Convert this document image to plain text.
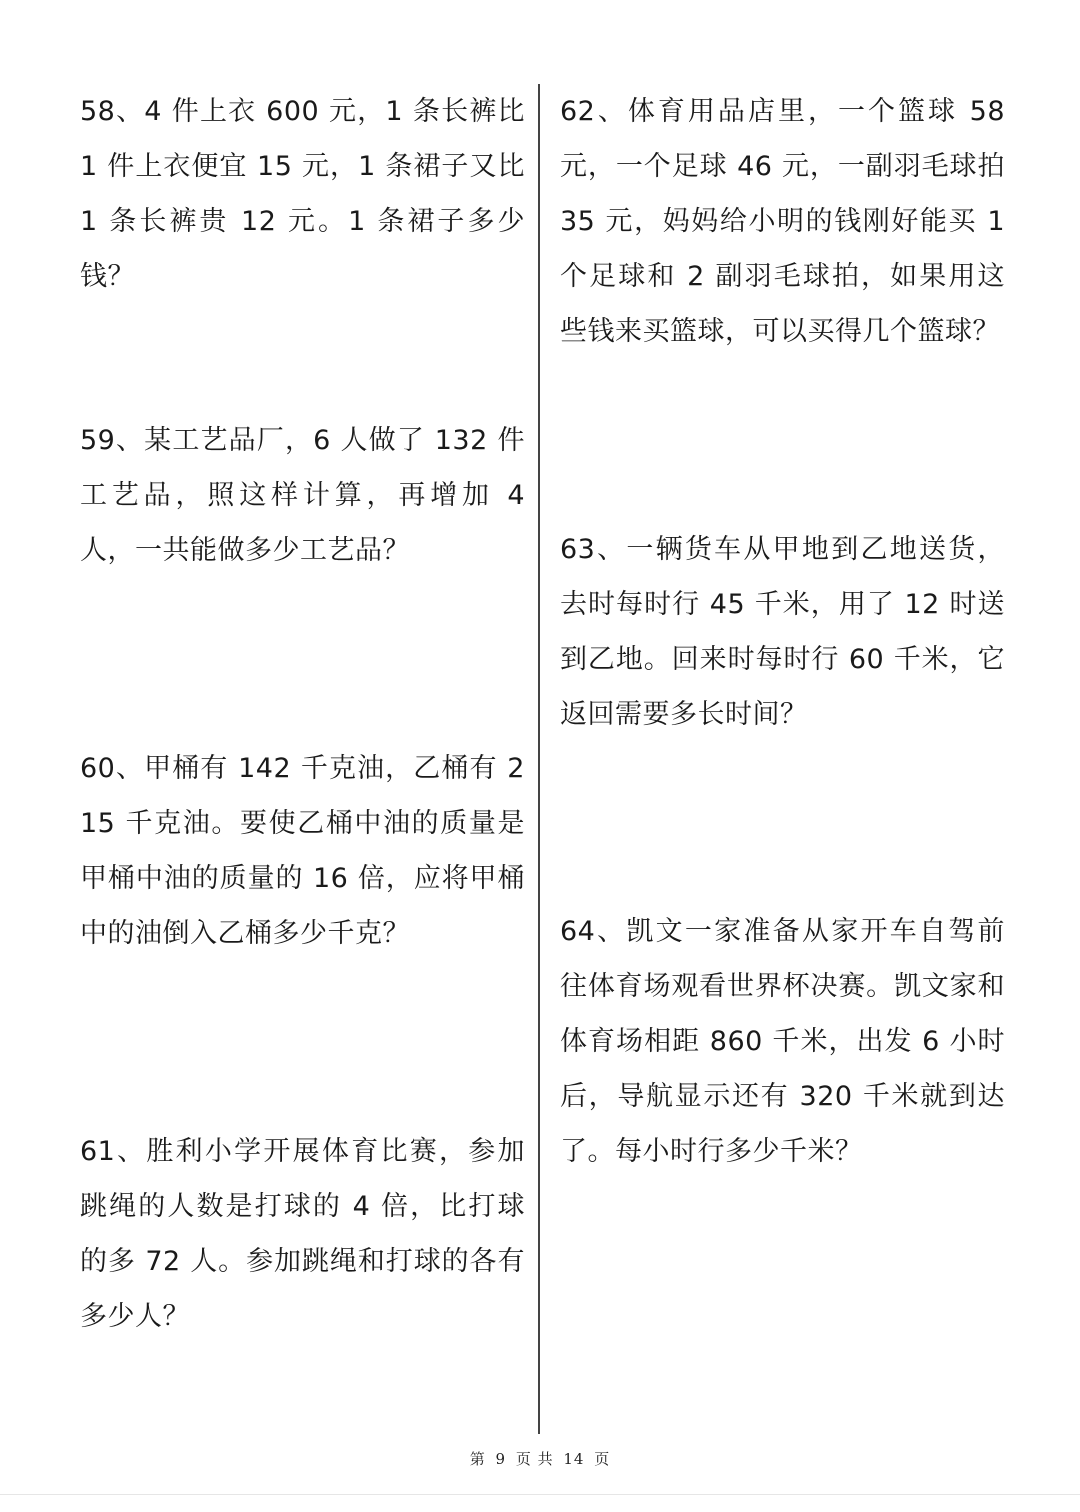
58、4 件上衣 600 元，1 条长裤比 1 件上衣便宜 15 元，1 条裙子又比 1 条长裤贵 12 元。1 条裙子多少钱？
59、某工艺品厂，6 人做了 132 件工艺品，照这样计算，再增加 4 人，一共能做多少工艺品？
60、甲桶有 142 千克油，乙桶有 215 千克油。要使乙桶中油的质量是甲桶中油的质量的 16 倍，应将甲桶中的油倒入乙桶多少千克？
61、胜利小学开展体育比赛，参加跳绳的人数是打球的 4 倍，比打球的多 72 人。参加跳绳和打球的各有多少人？
62、体育用品店里，一个篮球 58 元，一个足球 46 元，一副羽毛球拍 35 元，妈妈给小明的钱刚好能买 1 个足球和 2 副羽毛球拍，如果用这些钱来买篮球，可以买得几个篮球？
63、一辆货车从甲地到乙地送货，去时每时行 45 千米，用了 12 时送到乙地。回来时每时行 60 千米，它返回需要多长时间？
64、凯文一家准备从家开车自驾前往体育场观看世界杯决赛。凯文家和体育场相距 860 千米，出发 6 小时后，导航显示还有 320 千米就到达了。每小时行多少千米？
第 9 页 共 14 页
